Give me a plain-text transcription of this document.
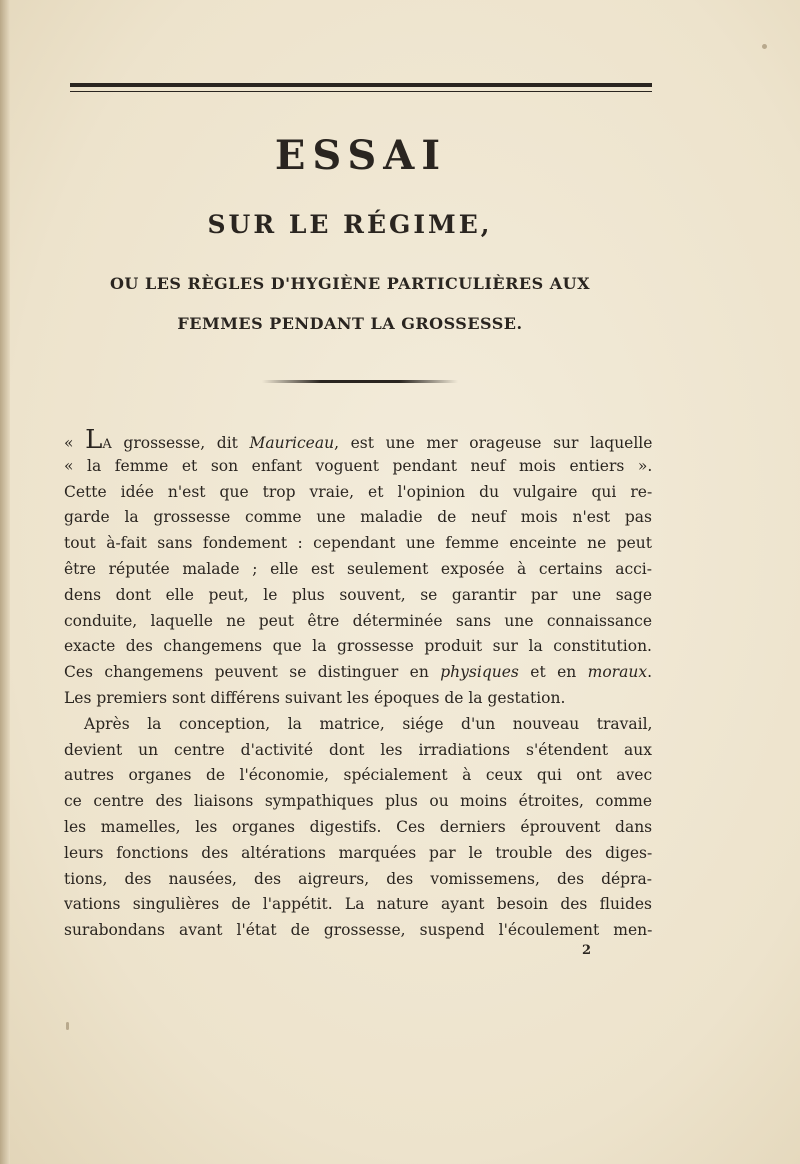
ESSAI
SUR LE RÉGIME,
OU LES RÈGLES D'HYGIÈNE PARTICULIÈRES AUX
FEMMES PENDANT LA GROSSESSE.
« LA grossesse, dit Mauriceau, est une mer orageuse sur laquelle
« la femme et son enfant voguent pendant neuf mois entiers ».
Cette idée n'est que trop vraie, et l'opinion du vulgaire qui re-
garde la grossesse comme une maladie de neuf mois n'est pas
tout à-fait sans fondement : cependant une femme enceinte ne peut
être réputée malade ; elle est seulement exposée à certains acci-
dens dont elle peut, le plus souvent, se garantir par une sage
conduite, laquelle ne peut être déterminée sans une connaissance
exacte des changemens que la grossesse produit sur la constitution.
Ces changemens peuvent se distinguer en physiques et en moraux.
Les premiers sont différens suivant les époques de la gestation.
Après la conception, la matrice, siége d'un nouveau travail,
devient un centre d'activité dont les irradiations s'étendent aux
autres organes de l'économie, spécialement à ceux qui ont avec
ce centre des liaisons sympathiques plus ou moins étroites, comme
les mamelles, les organes digestifs. Ces derniers éprouvent dans
leurs fonctions des altérations marquées par le trouble des diges-
tions, des nausées, des aigreurs, des vomissemens, des dépra-
vations singulières de l'appétit. La nature ayant besoin des fluides
surabondans avant l'état de grossesse, suspend l'écoulement men-
2
